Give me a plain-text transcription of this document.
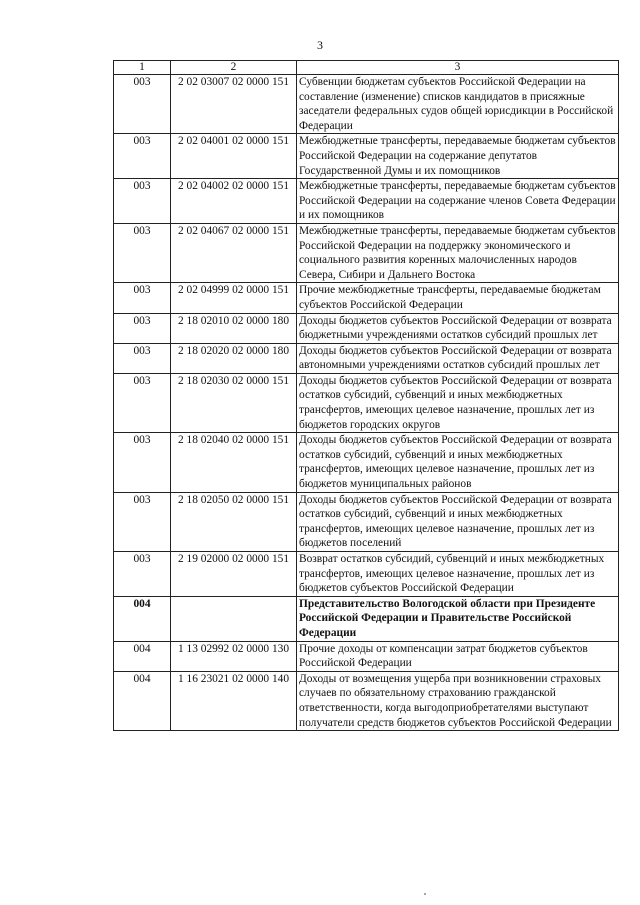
3
1	2	3
003	2 02 03007 02 0000 151	Субвенции бюджетам субъектов Российской Федерации на составление (изменение) списков кандидатов в присяжные заседатели федеральных судов общей юрисдикции в Российской Федерации
003	2 02 04001 02 0000 151	Межбюджетные трансферты, передаваемые бюджетам субъектов Российской Федерации на содержание депутатов Государственной Думы и их помощников
003	2 02 04002 02 0000 151	Межбюджетные трансферты, передаваемые бюджетам субъектов Российской Федерации на содержание членов Совета Федерации и их помощников
003	2 02 04067 02 0000 151	Межбюджетные трансферты, передаваемые бюджетам субъектов Российской Федерации на поддержку экономического и социального развития коренных малочисленных народов Севера, Сибири и Дальнего Востока
003	2 02 04999 02 0000 151	Прочие межбюджетные трансферты, передаваемые бюджетам субъектов Российской Федерации
003	2 18 02010 02 0000 180	Доходы бюджетов субъектов Российской Федерации от возврата бюджетными учреждениями остатков субсидий прошлых лет
003	2 18 02020 02 0000 180	Доходы бюджетов субъектов Российской Федерации от возврата автономными учреждениями остатков субсидий прошлых лет
003	2 18 02030 02 0000 151	Доходы бюджетов субъектов Российской Федерации от возврата остатков субсидий, субвенций и иных межбюджетных трансфертов, имеющих целевое назначение, прошлых лет из бюджетов городских округов
003	2 18 02040 02 0000 151	Доходы бюджетов субъектов Российской Федерации от возврата остатков субсидий, субвенций и иных межбюджетных трансфертов, имеющих целевое назначение, прошлых лет из бюджетов муниципальных районов
003	2 18 02050 02 0000 151	Доходы бюджетов субъектов Российской Федерации от возврата остатков субсидий, субвенций и иных межбюджетных трансфертов, имеющих целевое назначение, прошлых лет из бюджетов поселений
003	2 19 02000 02 0000 151	Возврат остатков субсидий, субвенций и иных межбюджетных трансфертов, имеющих целевое назначение, прошлых лет из бюджетов субъектов Российской Федерации
004		Представительство Вологодской области при Президенте Российской Федерации и Правительстве Российской Федерации
004	1 13 02992 02 0000 130	Прочие доходы от компенсации затрат бюджетов субъектов Российской Федерации
004	1 16 23021 02 0000 140	Доходы от возмещения ущерба при возникновении страховых случаев по обязательному страхованию гражданской ответственности, когда выгодоприобретателями выступают получатели средств бюджетов субъектов Российской Федерации
